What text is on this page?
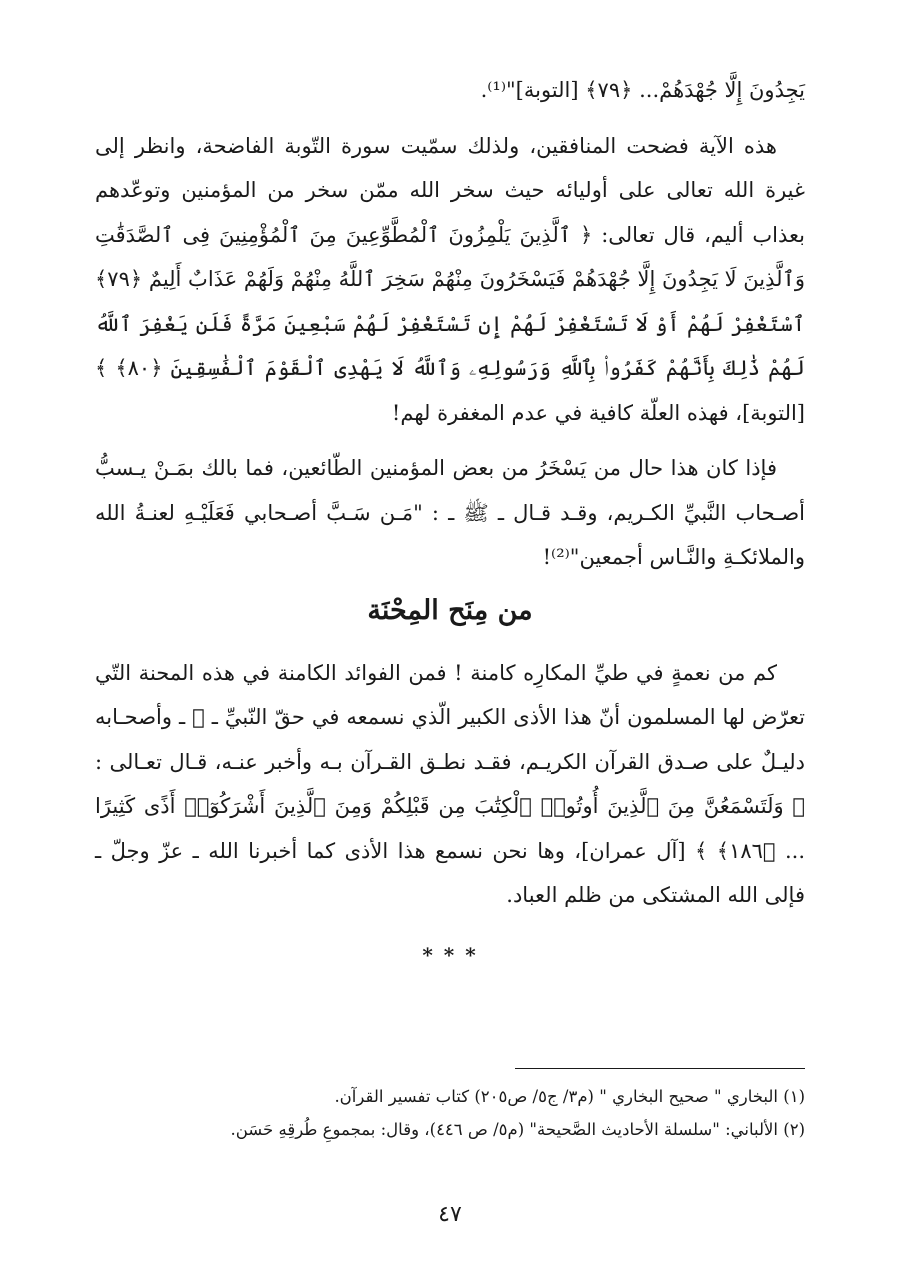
يَجِدُونَ إِلَّا جُهْدَهُمْ... ﴿٧٩﴾ [التوبة]"⁽¹⁾.

هذه الآية فضحت المنافقين، ولذلك سمّيت سورة التّوبة الفاضحة، وانظر إلى غيرة الله تعالى على أوليائه حيث سخر الله ممّن سخر من المؤمنين وتوعّدهم بعذاب أليم، قال تعالى: ﴿ ٱلَّذِينَ يَلْمِزُونَ ٱلْمُطَّوِّعِينَ مِنَ ٱلْمُؤْمِنِينَ فِى ٱلصَّدَقَٰتِ وَٱلَّذِينَ لَا يَجِدُونَ إِلَّا جُهْدَهُمْ فَيَسْخَرُونَ مِنْهُمْ سَخِرَ ٱللَّهُ مِنْهُمْ وَلَهُمْ عَذَابٌ أَلِيمٌ ﴿٧٩﴾ ٱسْتَغْفِرْ لَهُمْ أَوْ لَا تَسْتَغْفِرْ لَهُمْ إِن تَسْتَغْفِرْ لَهُمْ سَبْعِينَ مَرَّةً فَلَن يَغْفِرَ ٱللَّهُ لَهُمْ ذَٰلِكَ بِأَنَّهُمْ كَفَرُوا۟ بِٱللَّهِ وَرَسُولِهِۦ وَٱللَّهُ لَا يَهْدِى ٱلْقَوْمَ ٱلْفَٰسِقِينَ ﴿٨٠﴾ ﴾ [التوبة]، فهذه العلّة كافية في عدم المغفرة لهم!

فإذا كان هذا حال من يَسْخَرُ من بعض المؤمنين الطّائعين، فما بالك بمَـنْ يـسبُّ أصـحاب النَّبيِّ الكـريم، وقـد قـال ـ ﷺ ـ : "مَـن سَـبَّ أصـحابي فَعَلَيْـهِ لعنـةُ الله والملائكـةِ والنَّـاس أجمعين"⁽²⁾!

من مِنَح المِحْنَة

كم من نعمةٍ في طيِّ المكارِه كامنة ! فمن الفوائد الكامنة في هذه المحنة التّي تعرّض لها المسلمون أنّ هذا الأذى الكبير الّذي نسمعه في حقّ النّبيِّ ـ ﷺ ـ وأصحـابه دليـلٌ على صـدق القرآن الكريـم، فقـد نطـق القـرآن بـه وأخبر عنـه، قـال تعـالى : ﴿ وَلَتَسْمَعُنَّ مِنَ ٱلَّذِينَ أُوتُوا۟ ٱلْكِتَٰبَ مِن قَبْلِكُمْ وَمِنَ ٱلَّذِينَ أَشْرَكُوٓا۟ أَذًى كَثِيرًا ... ﴿١٨٦﴾ ﴾ [آل عمران]، وها نحن نسمع هذا الأذى كما أخبرنا الله ـ عزّ وجلّ ـ فإلى الله المشتكى من ظلم العباد.

* * *
(١) البخاري " صحيح البخاري " (م٣/ ج٥/ ص٢٠٥) كتاب تفسير القرآن.
(٢) الألباني: "سلسلة الأحاديث الصَّحيحة" (م٥/ ص ٤٤٦)، وقال: بمجموعِ طُرقِهِ حَسَن.
٤٧
